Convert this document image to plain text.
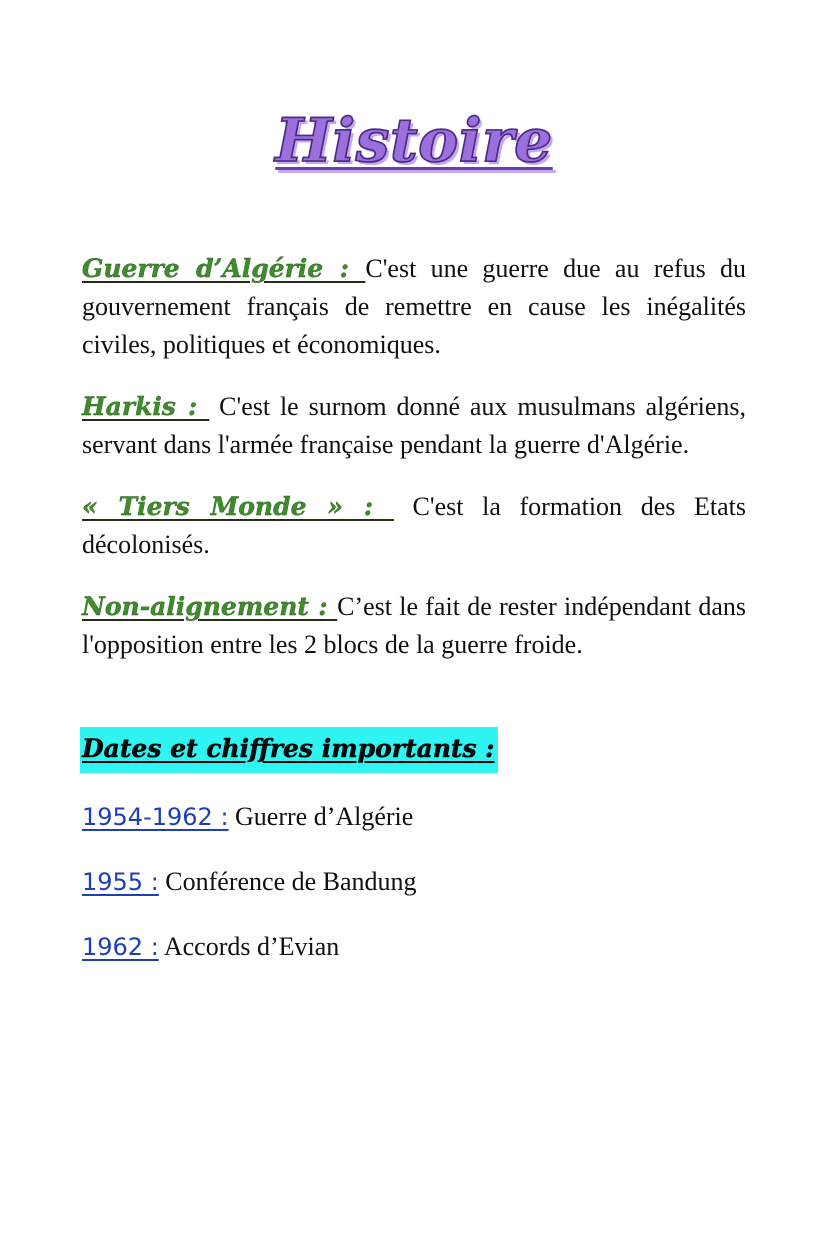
Histoire

Guerre d’Algérie : C'est une guerre due au refus du gouvernement français de remettre en cause les inégalités civiles, politiques et économiques.

Harkis :  C'est le surnom donné aux musulmans algériens, servant dans l'armée française pendant la guerre d'Algérie.

« Tiers Monde » :  C'est la formation des Etats décolonisés.

Non-alignement : C’est le fait de rester indépendant dans l'opposition entre les 2 blocs de la guerre froide.

Dates et chiffres importants :
1954-1962 : Guerre d’Algérie
1955 : Conférence de Bandung
1962 : Accords d’Evian
